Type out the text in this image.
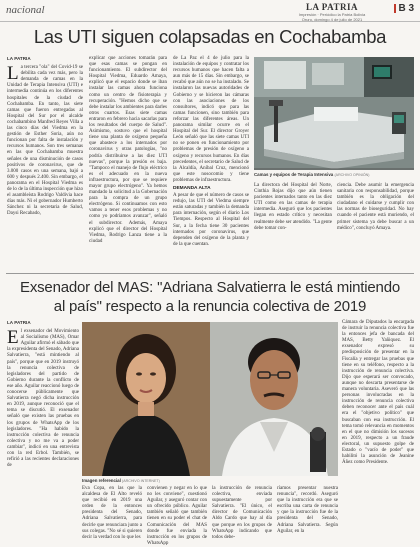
nacional	LA PATRIA
Impresión · Periódico la Patria Bolivia
Oruro, domingo 4 de julio de 2021
B 3
Las UTI siguen colapsadas en Cochabamba
LA PATRIA
L a tercera "ola" del Covid-19 se debilita cada vez más, pero la demanda de camas en la Unidad de Terapia Intensiva (UTI) e intermedia continúa en los diferentes hospitales de la ciudad de Cochabamba. En tanto, las siete camas que fueron entregadas al Hospital del Sur por el alcalde cochabambino Manfred Reyes Villa a las cinco días del Viedma en la gestión de Esther Soria, aún no funcionan por falta de instalación y recursos humanos. Son tres semanas en las que Cochabamba muestra señales de una disminución de casos positivos de coronavirus, que de 3.000 casos en una semana, bajó a 600 y después 2.400. Sin embargo, el panorama en el Hospital Viedma es de lo de la última inspección que hizo el asambleísta Rodrigo Valdivia hace días más. Ni el gobernador Humberto Sánchez ni la secretaria de Salud, Daysi Recabado,
explicar que acciones tomarán para que esas camas se pongan en funcionamiento. El subdirector del Hospital Viedma, Eduardo Amaya, explicó que el espacio donde se iban instalar las camas ahora funciona como un centro de fisioterapia y recuperación. "Hemos dicho que se debe instalar los ambientes para darles otros cuartos. Esas siete camas entraron en febrero hacia sacarlas para los resultados del cuerpo de Salud". Asimismo, sostuvo que el hospital tiene una planta de oxígeno pequeña que abastece a los internados por coronavirus y otras patologías, "no podría distribuirse a las diez UTI nuevas", porque la presión es baja. "Tampoco el manejo de flujo eléctrico es el adecuado en la nueva infraestructura, por que se requiere mayor grupo electrógeno". Ya hemos mandado la solicitud a la Gobernación para la compra de un grupo electrógeno. Si continuamos con esto vamos a tener esos problemas y no como yo podríamos avanzar", señaló el subdirector. Además, Amaya explicó que el director del Hospital Viedma, Rodrigo Lanza tiene a la ciudad
de La Paz el 4 de julio para la instalación de equipos y contratar los recursos humanos que hacen falta a aun más de 15 días. Sin embargo, se recabó que aún no se ha instalado. Se instalaron las nuevas autoridades de Gobierno y se hicieron las cámaras con las asociaciones de los consultores, indicó que para las camas funcionen, sino también para reforzar las diferentes áreas. Un panorama similar ocurre en el Hospital del Sur. El director Groyer León señaló que las siete camas UTI no se ponen en funcionamiento por problemas de presión de oxígeno a oxígeno y recursos humanos. En días precedentes, el secretario de Salud de la Alcaldía, Aníbal Cruz, mencionó que este nosocomio y tiene problemas de infraestructura.
DEMANDA ALTA
A pesar de que el número de casos se redujo, las UTI del Viedma siempre están saturadas y también la demanda para internación, según el diario Los Tiempos. Respecto al Hospital del Sur, a la fecha tiene 30 pacientes internados por coronavirus, que dependen del oxígeno de la planta y de la que cuentan.
Camas y equipos de Terapia Intensiva (ARCHIVO OPINIÓN)
La directora del Hospital del Norte, Cinthia Rojas dijo que aún tienen pacientes internados tanto en las diez UTI como en las camas de terapia intermedia. Aseguró que los pacientes llegan en estado crítico y necesitan realmente debe ser atendido. "La gente debe tomar con-
ciencia. Debe asumir la emergencia sanitaria con responsabilidad, porque también es la obligación del ciudadano el cuidarse y cumplir con las normas de bioseguridad. No hay cuando el paciente está muriendo, el primer sistema ya debe buscar a un médico", concluyó Amaya.
Exsenador del MAS: "Adriana Salvatierra le está mintiendo
al país" respecto a la renuncia colectiva de 2019
LA PATRIA
E l exsenador del Movimiento al Socialismo (MAS), Omar Aguilar afirmó el sábado que la expresidenta del Senado, Adriana Salvatierra, "está mintiendo al país", porque que en 2019 instruyó la renuncia colectiva de legisladores del partido de Gobierno durante la conflicto de ese año. Aguilar reaccionó luego de conocerse públicamente que Salvatierra negó dicha instrucción en 2019, aunque reconoció que el tema se discutió. El exsenador señaló que existen las pruebas en los grupos de WhatsApp de los legisladores. "Ha habido la instrucción colectiva de renuncia colectiva y no me va a poder cambiar", indicó en una entrevista con la red Erbol. También, se refirió a las recientes declaraciones de
Imagen referencial (ARCHIVO INTERNET)
Eva Copa, en las que la alcaldesa de El Alto reveló que recibió en 2019 una orden de la entonces presidenta del Senado, Adriana Salvatierra, para decirle que renunciara junto a sus colegas. "No sé si quieren decir la verdad con lo que les
convienen y negar en lo que no les conviene", cuestionó Aguilar, y aseguró contar con un ofrecido público. Aguilar también señaló que también tienen en su poder el chat de Comunicación del MAS donde fue enviada la instrucción en los grupos de WhatsApp
la instrucción de renuncia colectiva, enviada supuestamente por Salvatierra. "El único, el director de Comunicación Aldo Cardo que hay al día que porque en los grupos de WhatsApp indicando que todos debe-
ríamos presentar nuestra renuncia", recordó. Aseguró que la instrucción era que se escriba una carta de renuncia y que la instrucción fue de la presidenta del Senado, Adriana Salvatierra. Según Aguilar, en la
Cámara de Diputados la encargada de instruir la renuncia colectiva fue la entonces jefa de bancada del MAS, Betty Yañiquez. El exsenador expresó su predisposición de presentar en la Fiscalía y entregar las pruebas que tiene en su teléfono, respecto a la instrucción de renuncia colectiva. Dijo que esperará ser convocado, aunque no descarta presentarse de manera voluntaria. Aseveró que las personas involucradas en la instrucción de renuncia colectiva deben reconocer ante el país cuál era el "objetivo político" que buscaban con esa instrucción. El tema tomó relevancia en momentos en el que no dimisión los sucesos en 2019, respecto a un fraude electoral, un supuesto golpe de Estado o "vacío de poder" que habilitó la asunción de Jeanine Áñez como Presidente.
